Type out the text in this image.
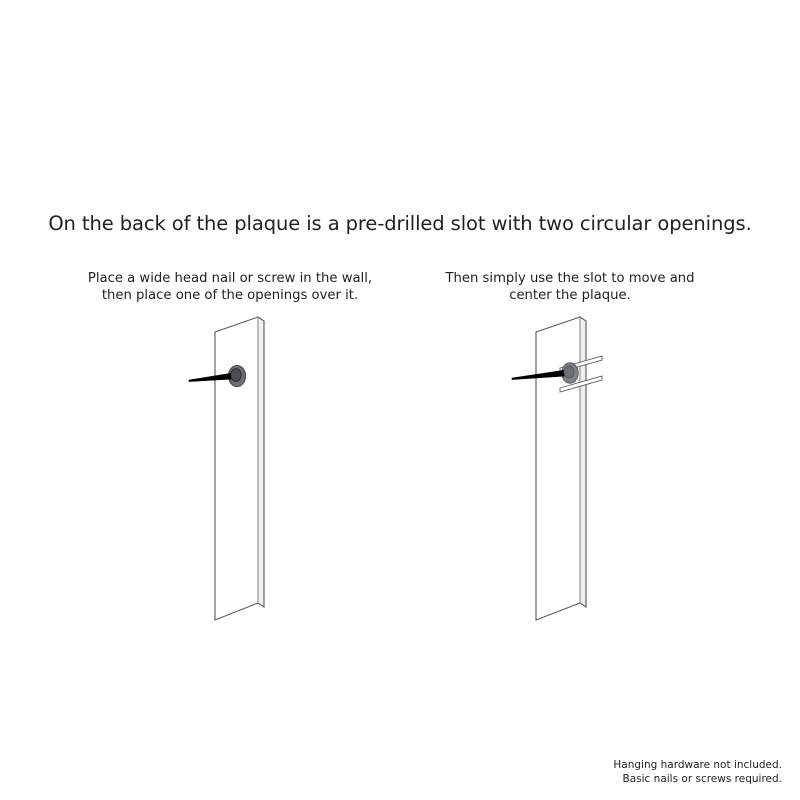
On the back of the plaque is a pre-drilled slot with two circular openings.
Place a wide head nail or screw in the wall,
then place one of the openings over it.
Then simply use the slot to move and
center the plaque.
Hanging hardware not included.
Basic nails or screws required.
